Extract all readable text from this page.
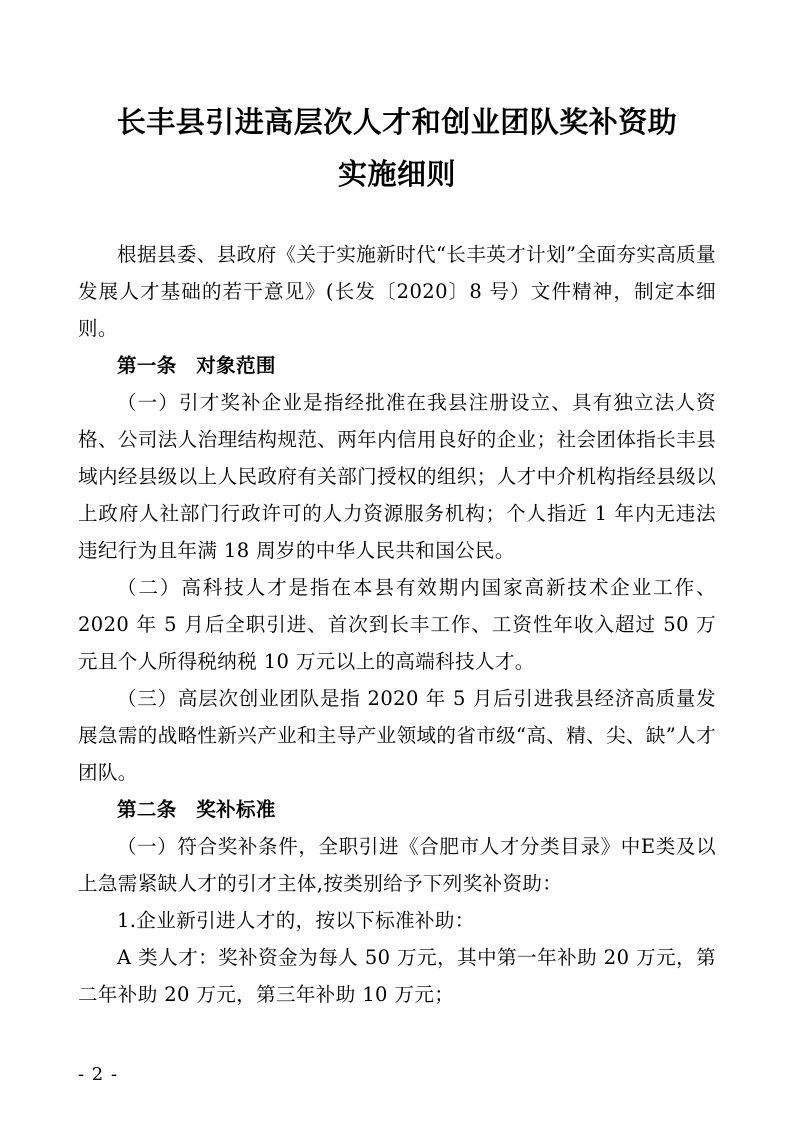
长丰县引进高层次人才和创业团队奖补资助
实施细则

根据县委、县政府《关于实施新时代“长丰英才计划”全面夯实高质量发展人才基础的若干意见》(长发〔2020〕8 号）文件精神，制定本细则。

第一条 对象范围

（一）引才奖补企业是指经批准在我县注册设立、具有独立法人资格、公司法人治理结构规范、两年内信用良好的企业；社会团体指长丰县域内经县级以上人民政府有关部门授权的组织；人才中介机构指经县级以上政府人社部门行政许可的人力资源服务机构；个人指近 1 年内无违法违纪行为且年满 18 周岁的中华人民共和国公民。

（二）高科技人才是指在本县有效期内国家高新技术企业工作、2020 年 5 月后全职引进、首次到长丰工作、工资性年收入超过 50 万元且个人所得税纳税 10 万元以上的高端科技人才。

（三）高层次创业团队是指 2020 年 5 月后引进我县经济高质量发展急需的战略性新兴产业和主导产业领域的省市级“高、精、尖、缺”人才团队。

第二条 奖补标准

（一）符合奖补条件，全职引进《合肥市人才分类目录》中E类及以上急需紧缺人才的引才主体,按类别给予下列奖补资助：

1.企业新引进人才的，按以下标准补助：

A 类人才：奖补资金为每人 50 万元，其中第一年补助 20 万元，第二年补助 20 万元，第三年补助 10 万元；

- 2 -
